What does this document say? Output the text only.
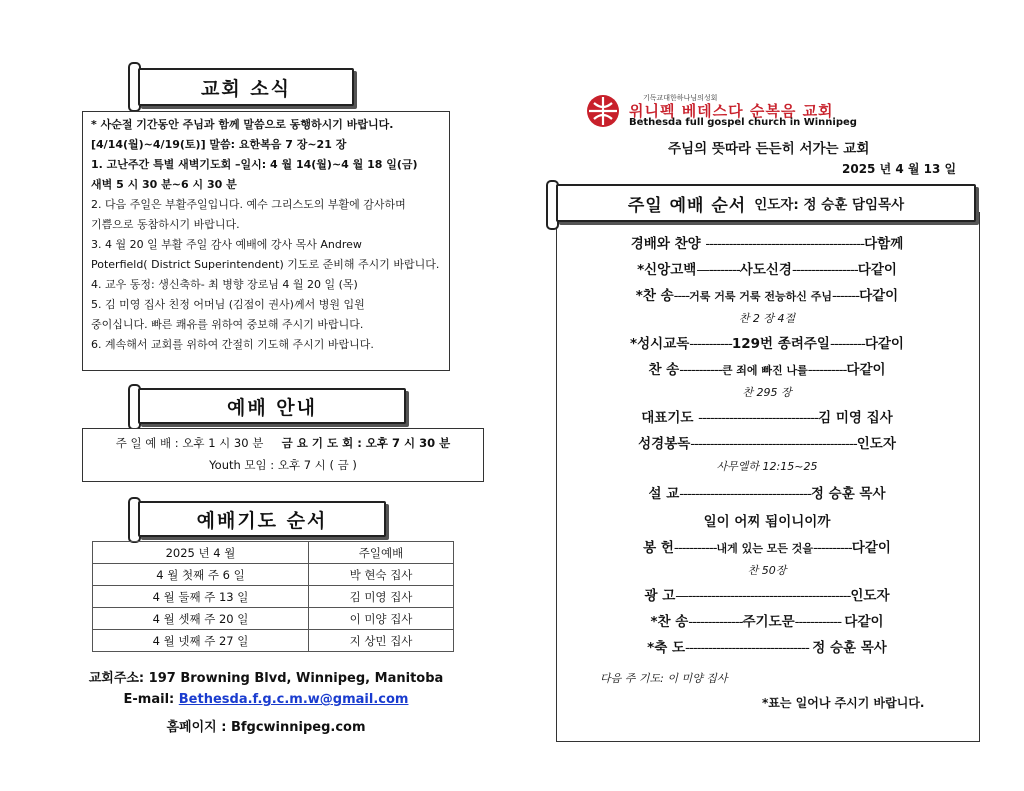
교회 소식

* 사순절 기간동안 주님과 함께 말씀으로 동행하시기 바랍니다.

[4/14(월)~4/19(토)] 말씀: 요한복음 7 장~21 장

1. 고난주간 특별 새벽기도회 –일시: 4 월 14(월)~4 월 18 일(금)

새벽 5 시 30 분~6 시 30 분

2. 다음 주일은 부활주일입니다. 예수 그리스도의 부활에 감사하며

기쁨으로 동참하시기 바랍니다.

3. 4 월 20 일 부활 주일 감사 예배에 강사 목사 Andrew

Poterfield( District Superintendent) 기도로 준비해 주시기 바랍니다.

4. 교우 동정: 생신축하- 최 병향 장로님 4 월 20 일 (목)

5. 김 미영 집사 친정 어머님 (김점이 권사)께서 병원 입원

중이십니다. 빠른 쾌유를 위하여 중보해 주시기 바랍니다.

6. 계속해서 교회를 위하여 간절히 기도해 주시기 바랍니다.

예배 안내
주 일 예 배 : 오후 1 시 30 분 금 요 기 도 회 : 오후 7 시 30 분
Youth 모임 : 오후 7 시 ( 금 )
예배기도 순서
2025 년 4 월	주일예배
4 월 첫째 주 6 일	박 현숙 집사
4 월 둘째 주 13 일	김 미영 집사
4 월 셋째 주 20 일	이 미양 집사
4 월 넷째 주 27 일	지 상민 집사
교회주소: 197 Browning Blvd, Winnipeg, Manitoba
E-mail: Bethesda.f.g.c.m.w@gmail.com
홈페이지 : Bfgcwinnipeg.com
기독교대한하나님의성회
위니펙 베데스다 순복음 교회
Bethesda full gospel church in Winnipeg
주님의 뜻따라 든든히 서가는 교회
2025 년 4 월 13 일
주일 예배 순서 인도자: 정 승훈 담임목사
경배와 찬양 -----------------------------------------다함께
*신앙고백—--------사도신경-----------------다같이
*찬 송----거룩 거룩 거룩 전능하신 주님-------다같이
찬 2 장 4절
*성시교독-----------129번 종려주일---------다같이
찬 송-----------큰 죄에 빠진 나를----------다같이
찬 295 장
대표기도 -------------------------------김 미영 집사
성경봉독-------------------------------------------인도자
사무엘하 12:15~25
설 교----------------------------------정 승훈 목사
일이 어찌 됨이니이까
봉 헌-----------내게 있는 모든 것을----------다같이
찬 50장
광 고—------------------------------------------인도자
*찬 송--------------주기도문------------ 다같이
*축 도-------------------------------- 정 승훈 목사
다음 주 기도: 이 미양 집사
*표는 일어나 주시기 바랍니다.
